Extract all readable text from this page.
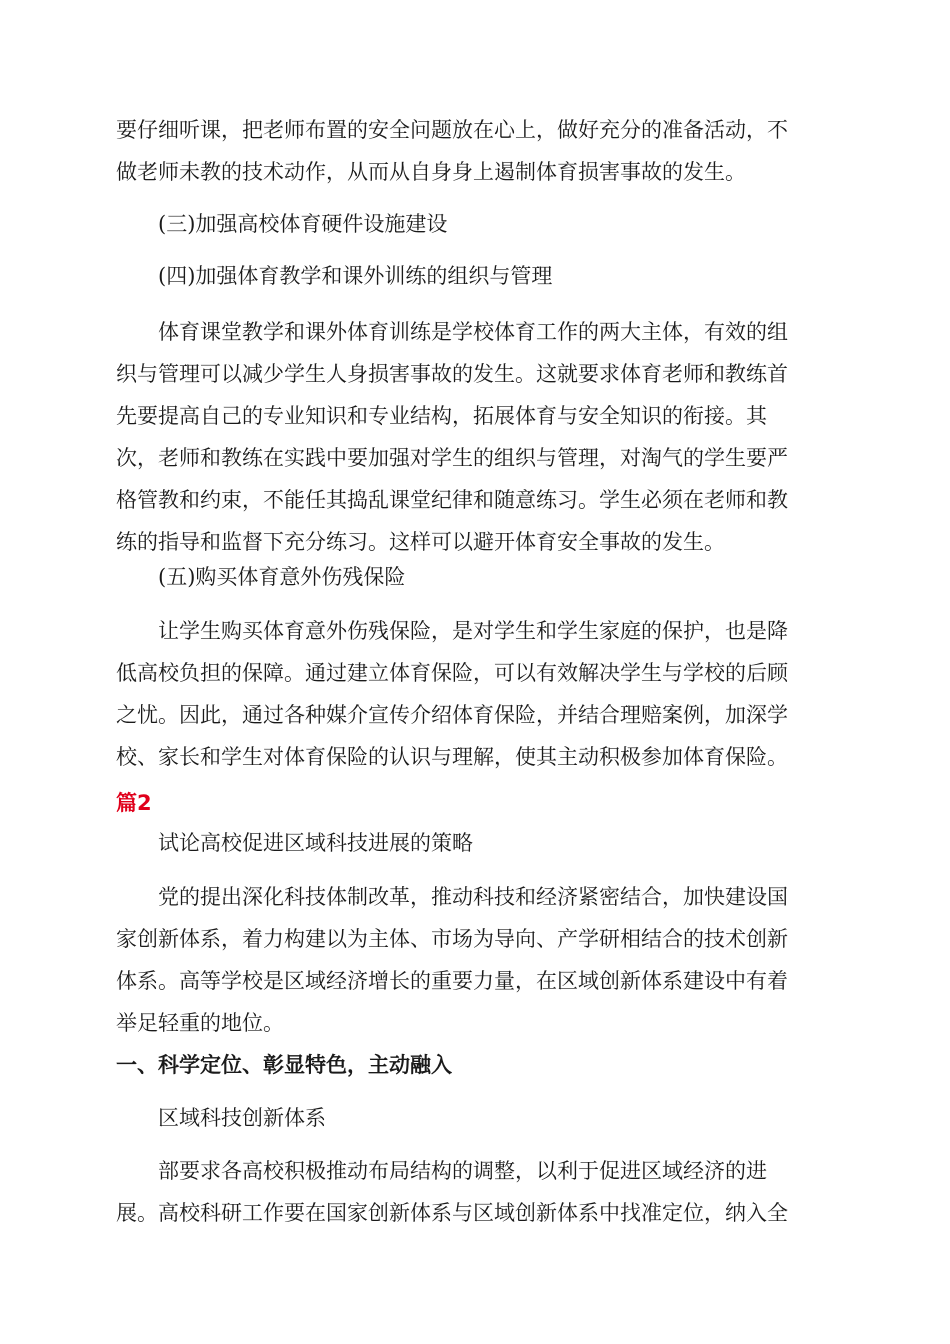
要仔细听课，把老师布置的安全问题放在心上，做好充分的准备活动，不
做老师未教的技术动作，从而从自身身上遏制体育损害事故的发生。
(三)加强高校体育硬件设施建设
(四)加强体育教学和课外训练的组织与管理
体育课堂教学和课外体育训练是学校体育工作的两大主体，有效的组
织与管理可以减少学生人身损害事故的发生。这就要求体育老师和教练首
先要提高自己的专业知识和专业结构，拓展体育与安全知识的衔接。其
次，老师和教练在实践中要加强对学生的组织与管理，对淘气的学生要严
格管教和约束，不能任其捣乱课堂纪律和随意练习。学生必须在老师和教
练的指导和监督下充分练习。这样可以避开体育安全事故的发生。
(五)购买体育意外伤残保险
让学生购买体育意外伤残保险，是对学生和学生家庭的保护，也是降
低高校负担的保障。通过建立体育保险，可以有效解决学生与学校的后顾
之忧。因此，通过各种媒介宣传介绍体育保险，并结合理赔案例，加深学
校、家长和学生对体育保险的认识与理解，使其主动积极参加体育保险。
篇2
试论高校促进区域科技进展的策略
党的提出深化科技体制改革，推动科技和经济紧密结合，加快建设国
家创新体系，着力构建以为主体、市场为导向、产学研相结合的技术创新
体系。高等学校是区域经济增长的重要力量，在区域创新体系建设中有着
举足轻重的地位。
一、科学定位、彰显特色，主动融入
区域科技创新体系
部要求各高校积极推动布局结构的调整，以利于促进区域经济的进
展。高校科研工作要在国家创新体系与区域创新体系中找准定位，纳入全
